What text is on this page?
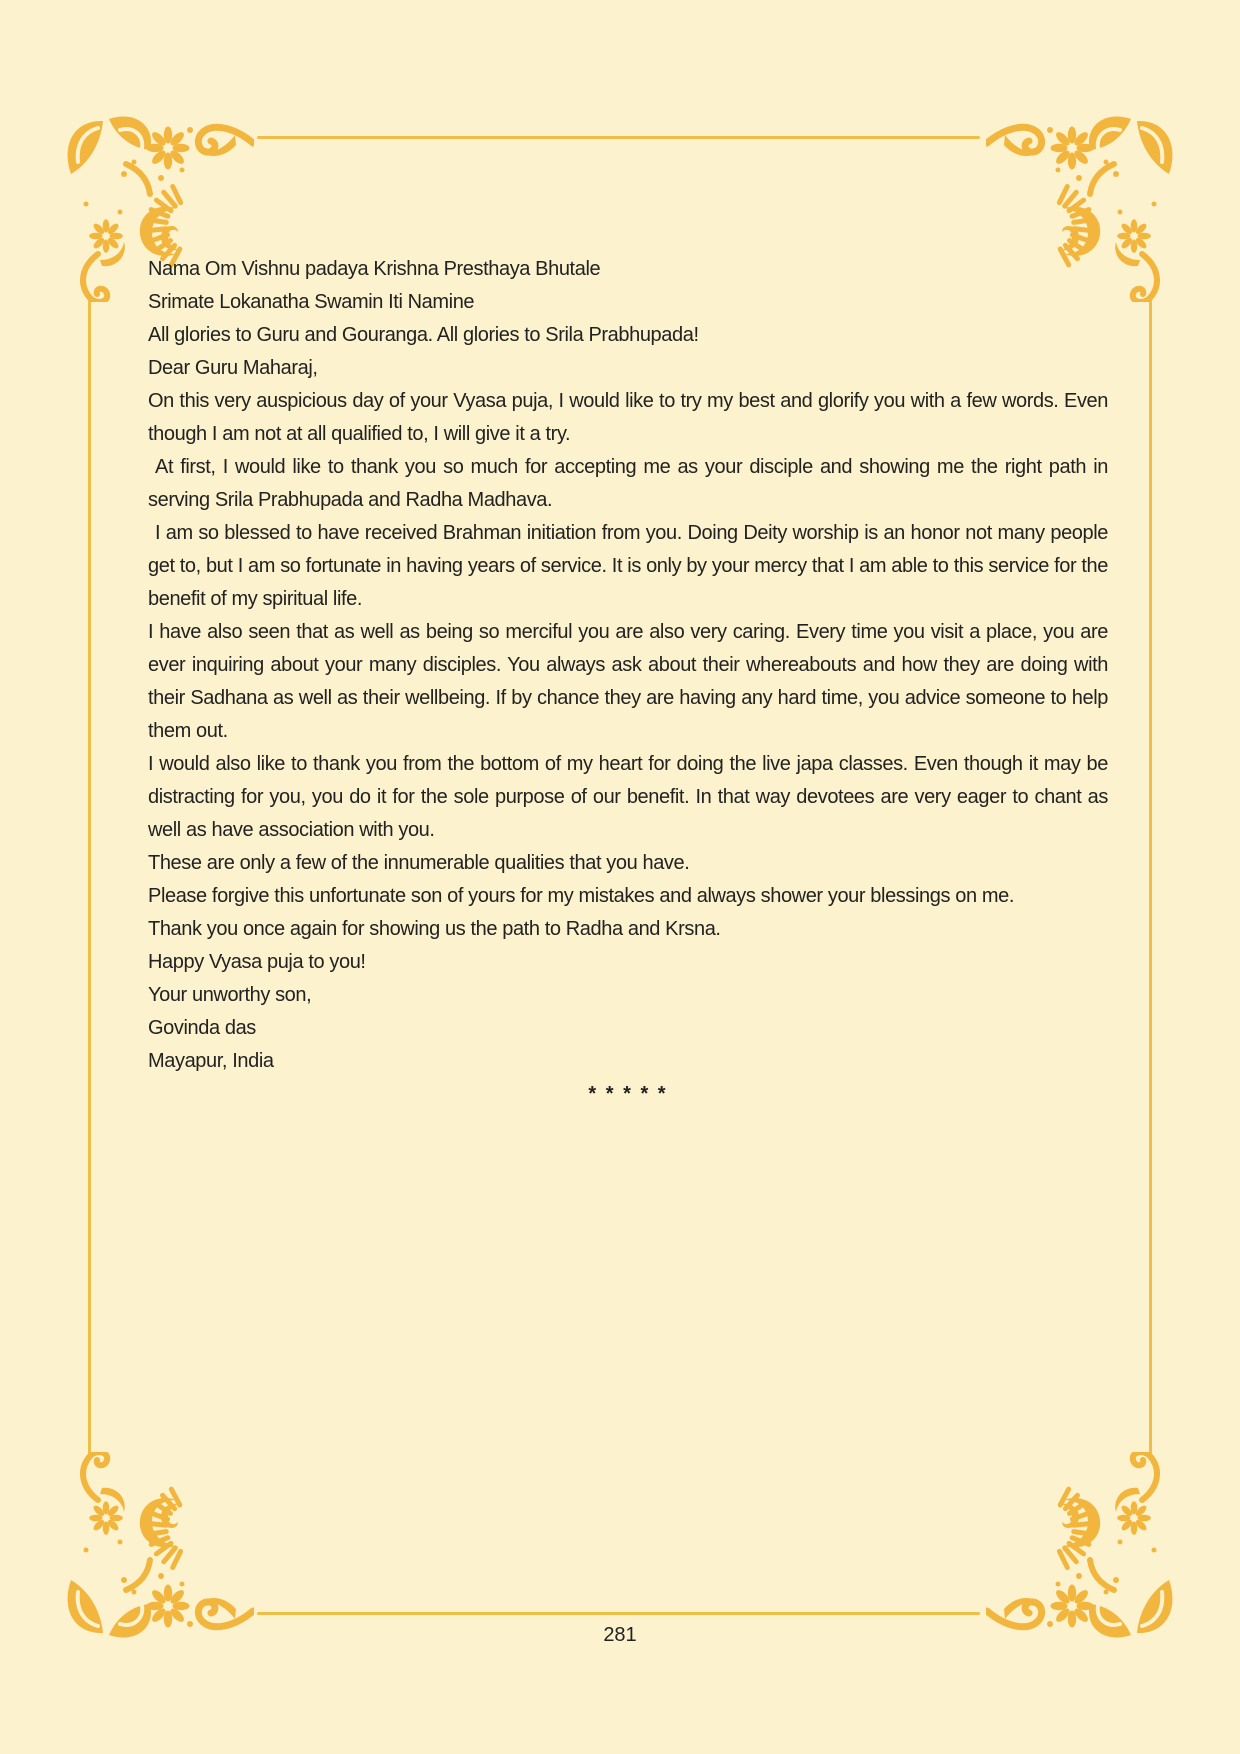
Nama Om Vishnu padaya Krishna Presthaya Bhutale

Srimate Lokanatha Swamin Iti Namine

All glories to Guru and Gouranga. All glories to Srila Prabhupada!

Dear Guru Maharaj,

On this very auspicious day of your Vyasa puja, I would like to try my best and glorify you with a few words. Even though I am not at all qualified to, I will give it a try.

At first, I would like to thank you so much for accepting me as your disciple and showing me the right path in serving Srila Prabhupada and Radha Madhava.

I am so blessed to have received Brahman initiation from you. Doing Deity worship is an honor not many people get to, but I am so fortunate in having years of service. It is only by your mercy that I am able to this service for the benefit of my spiritual life.

I have also seen that as well as being so merciful you are also very caring. Every time you visit a place, you are ever inquiring about your many disciples. You always ask about their whereabouts and how they are doing with their Sadhana as well as their wellbeing. If by chance they are having any hard time, you advice someone to help them out.

I would also like to thank you from the bottom of my heart for doing the live japa classes. Even though it may be distracting for you, you do it for the sole purpose of our benefit. In that way devotees are very eager to chant as well as have association with you.

These are only a few of the innumerable qualities that you have.

Please forgive this unfortunate son of yours for my mistakes and always shower your blessings on me.

Thank you once again for showing us the path to Radha and Krsna.

Happy Vyasa puja to you!

Your unworthy son,

Govinda das

Mayapur, India

* * * * *

281
